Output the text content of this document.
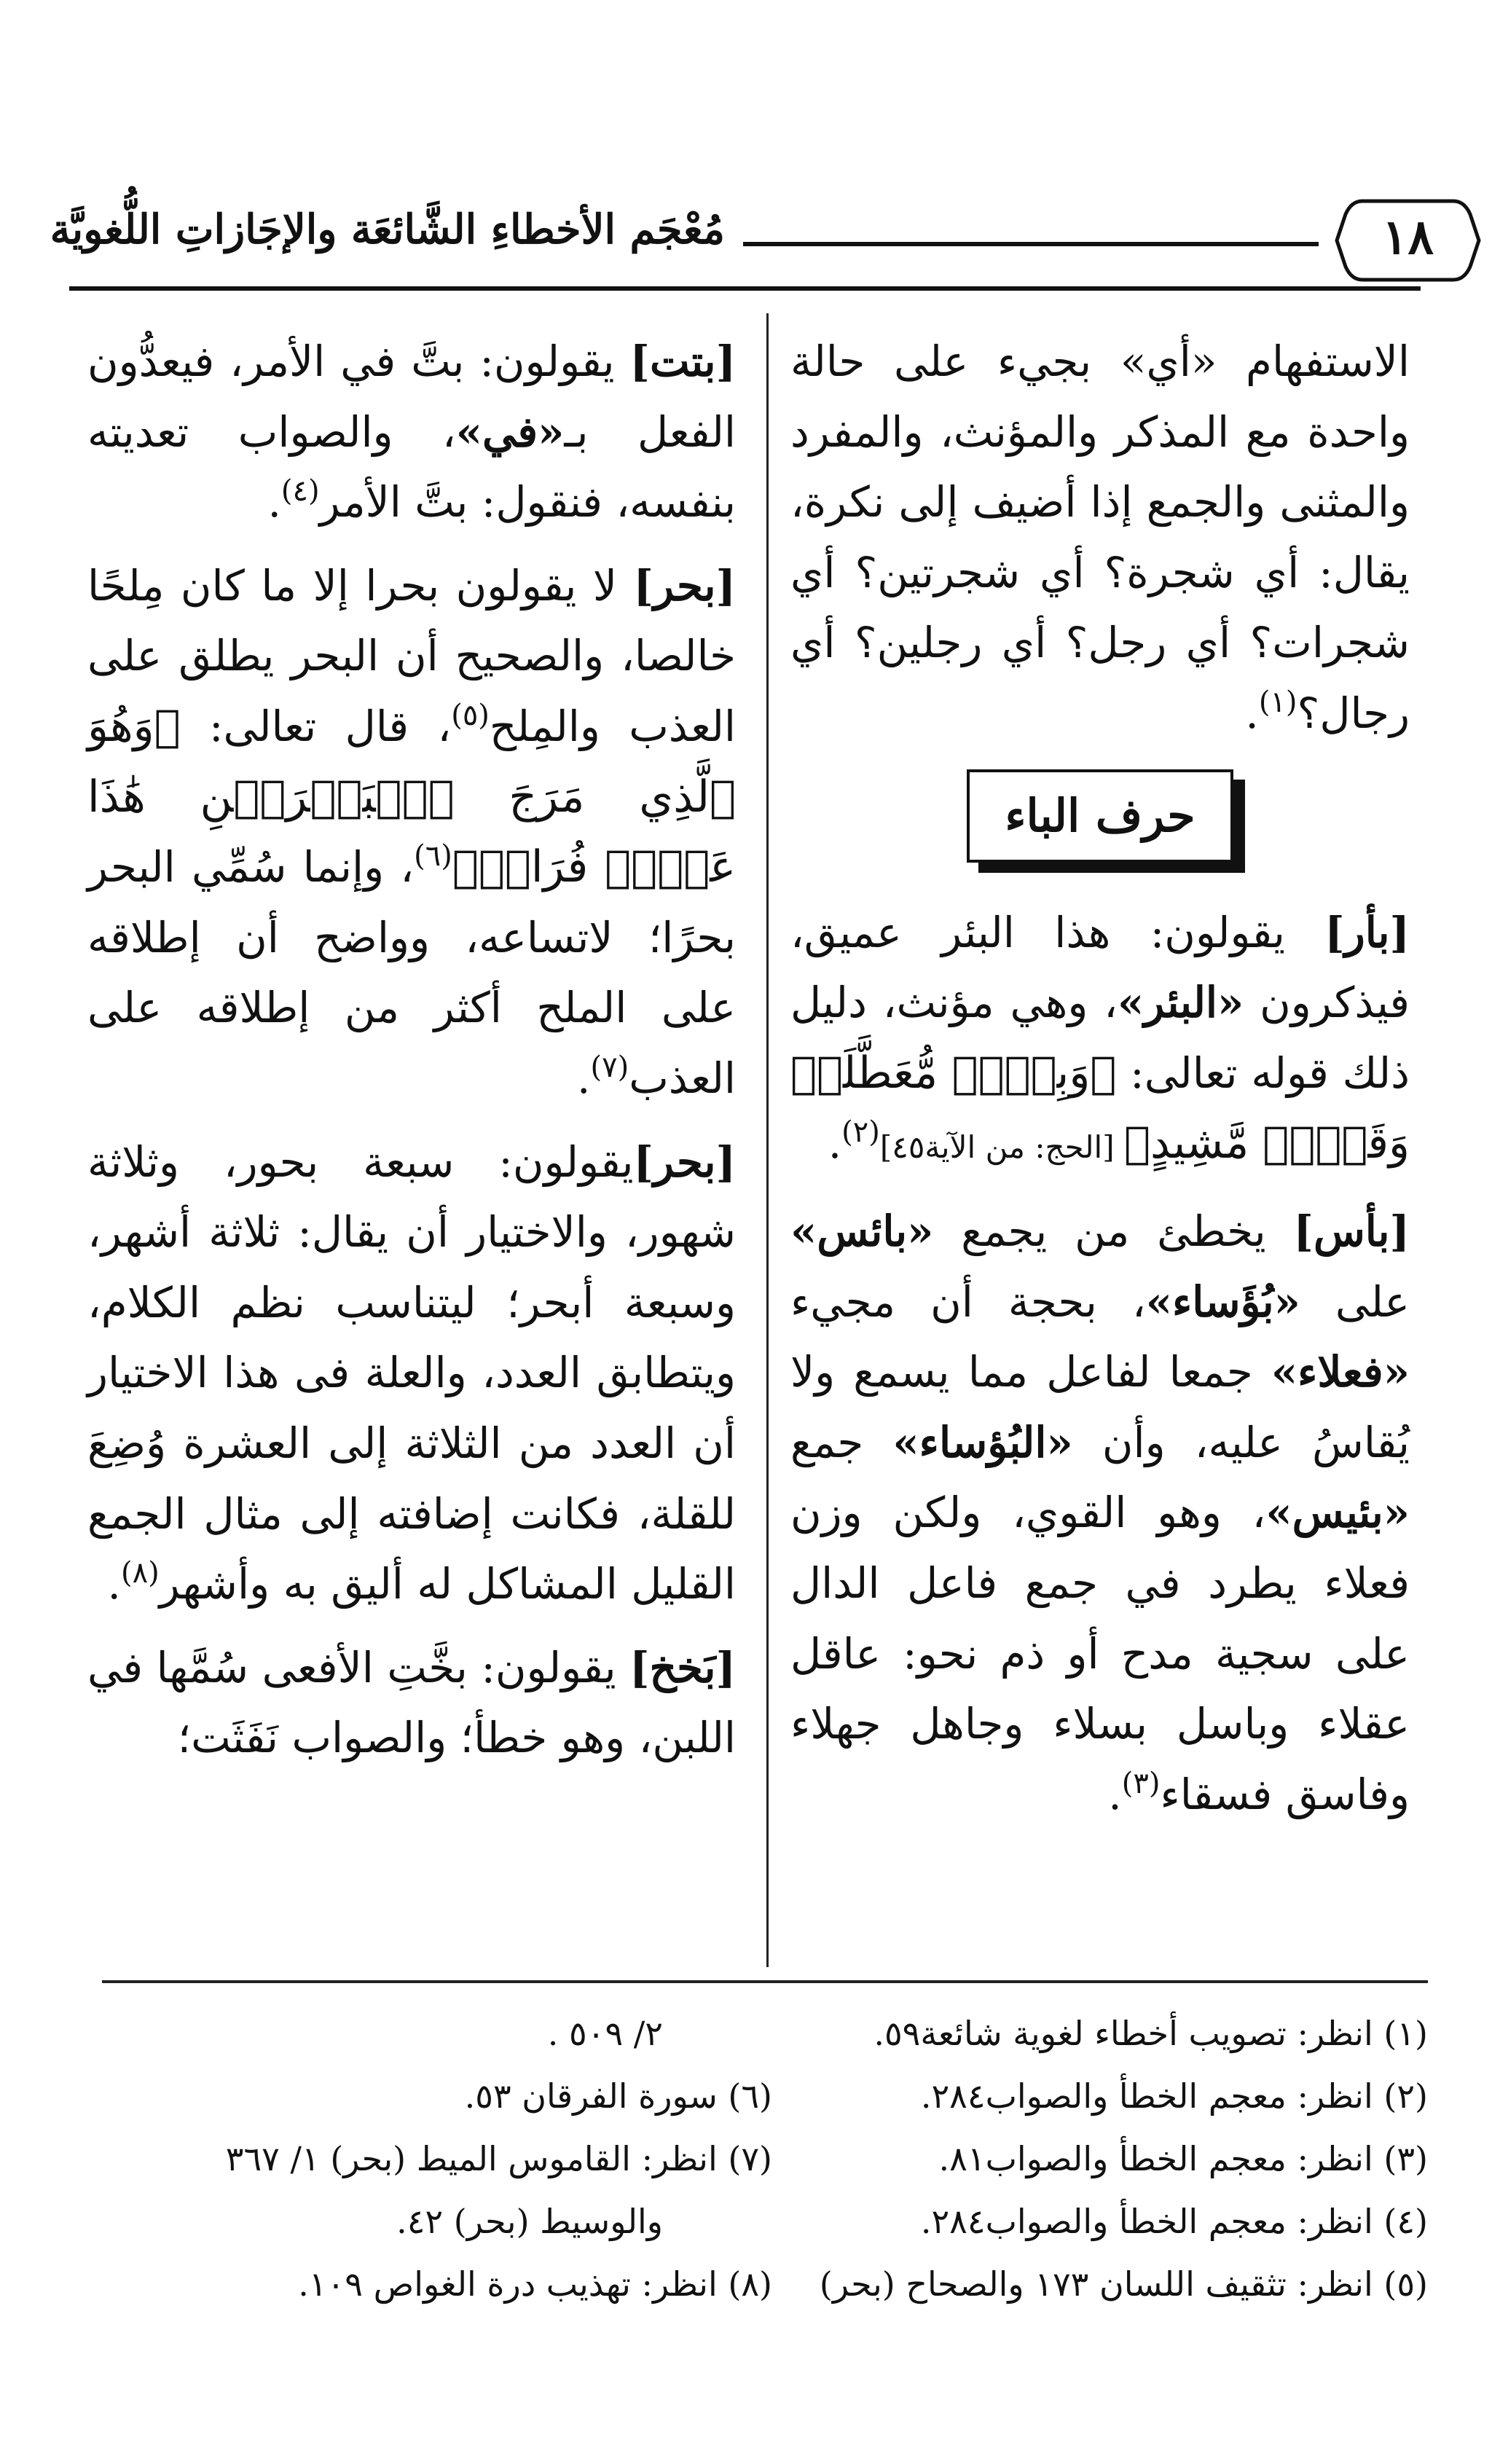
مُعْجَم الأخطاءِ الشَّائعَة والإجَازاتِ اللُّغويَّة	١٨

الاستفهام «أي» بجيء على حالة واحدة مع المذكر والمؤنث، والمفرد والمثنى والجمع إذا أضيف إلى نكرة، يقال: أي شجرة؟ أي شجرتين؟ أي شجرات؟ أي رجل؟ أي رجلين؟ أي رجال؟$^{(١)}$.

حرف الباء

[بأر] يقولون: هذا البئر عميق، فيذكرون «البئر»، وهي مؤنث، دليل ذلك قوله تعالى: ﴿وَبِئۡرٖ مُّعَطَّلَةٖ وَقَصۡرٖ مَّشِيدٍ﴾ [الحج: من الآية٤٥]$^{(٢)}$.

[بأس] يخطئ من يجمع «بائس» على «بُؤَساء»، بحجة أن مجيء «فعلاء» جمعا لفاعل مما يسمع ولا يُقاسُ عليه، وأن «البُؤساء» جمع «بئيس»، وهو القوي، ولكن وزن فعلاء يطرد في جمع فاعل الدال على سجية مدح أو ذم نحو: عاقل عقلاء وباسل بسلاء وجاهل جهلاء وفاسق فسقاء$^{(٣)}$.

[بتت] يقولون: بتَّ في الأمر، فيعدُّون الفعل بـ«في»، والصواب تعديته بنفسه، فنقول: بتَّ الأمر$^{(٤)}$.

[بحر] لا يقولون بحرا إلا ما كان مِلحًا خالصا، والصحيح أن البحر يطلق على العذب والمِلح$^{(٥)}$، قال تعالى: ﴿وَهُوَ ٱلَّذِي مَرَجَ ٱلۡبَحۡرَيۡنِ هَٰذَا عَذۡبٞ فُرَاتٞ﴾$^{(٦)}$، وإنما سُمِّي البحر بحرًا؛ لاتساعه، وواضح أن إطلاقه على الملح أكثر من إطلاقه على العذب$^{(٧)}$.

[بحر]يقولون: سبعة بحور، وثلاثة شهور، والاختيار أن يقال: ثلاثة أشهر، وسبعة أبحر؛ ليتناسب نظم الكلام، ويتطابق العدد، والعلة فى هذا الاختيار أن العدد من الثلاثة إلى العشرة وُضِعَ للقلة، فكانت إضافته إلى مثال الجمع القليل المشاكل له أليق به وأشهر$^{(٨)}$.

[بَخخ] يقولون: بخَّتِ الأفعى سُمَّها في اللبن، وهو خطأ؛ والصواب نَفَثَت؛

(١) انظر: تصويب أخطاء لغوية شائعة٥٩.
(٢) انظر: معجم الخطأ والصواب٢٨٤.
(٣) انظر: معجم الخطأ والصواب٨١.
(٤) انظر: معجم الخطأ والصواب٢٨٤.
(٥) انظر: تثقيف اللسان ١٧٣ والصحاح (بحر)
٢/ ٥٠٩ .
(٦) سورة الفرقان ٥٣.
(٧) انظر: القاموس الميط (بحر) ١/ ٣٦٧
والوسيط (بحر) ٤٢.
(٨) انظر: تهذيب درة الغواص ١٠٩.
